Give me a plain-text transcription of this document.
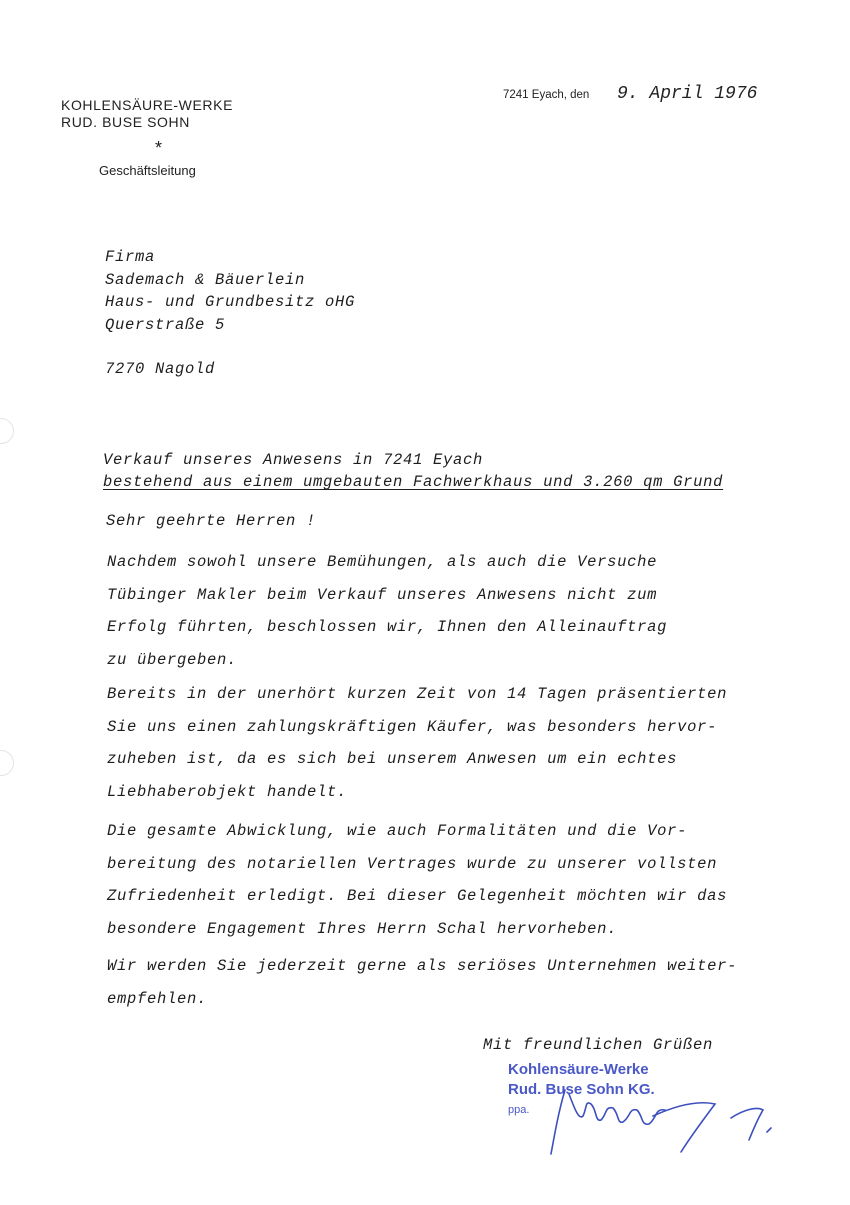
KOHLENSÄURE-WERKE
RUD. BUSE SOHN
*
Geschäftsleitung
7241 Eyach, den 9. April 1976
Firma
Sademach & Bäuerlein
Haus- und Grundbesitz oHG
Querstraße 5
7270 Nagold
Verkauf unseres Anwesens in 7241 Eyach
bestehend aus einem umgebauten Fachwerkhaus und 3.260 qm Grund
Sehr geehrte Herren !
Nachdem sowohl unsere Bemühungen, als auch die Versuche
Tübinger Makler beim Verkauf unseres Anwesens nicht zum
Erfolg führten, beschlossen wir, Ihnen den Alleinauftrag
zu übergeben.
Bereits in der unerhört kurzen Zeit von 14 Tagen präsentierten
Sie uns einen zahlungskräftigen Käufer, was besonders hervor-
zuheben ist, da es sich bei unserem Anwesen um ein echtes
Liebhaberobjekt handelt.
Die gesamte Abwicklung, wie auch Formalitäten und die Vor-
bereitung des notariellen Vertrages wurde zu unserer vollsten
Zufriedenheit erledigt. Bei dieser Gelegenheit möchten wir das
besondere Engagement Ihres Herrn Schal hervorheben.
Wir werden Sie jederzeit gerne als seriöses Unternehmen weiter-
empfehlen.
Mit freundlichen Grüßen
Kohlensäure-Werke
Rud. Buse Sohn KG.
ppa.
